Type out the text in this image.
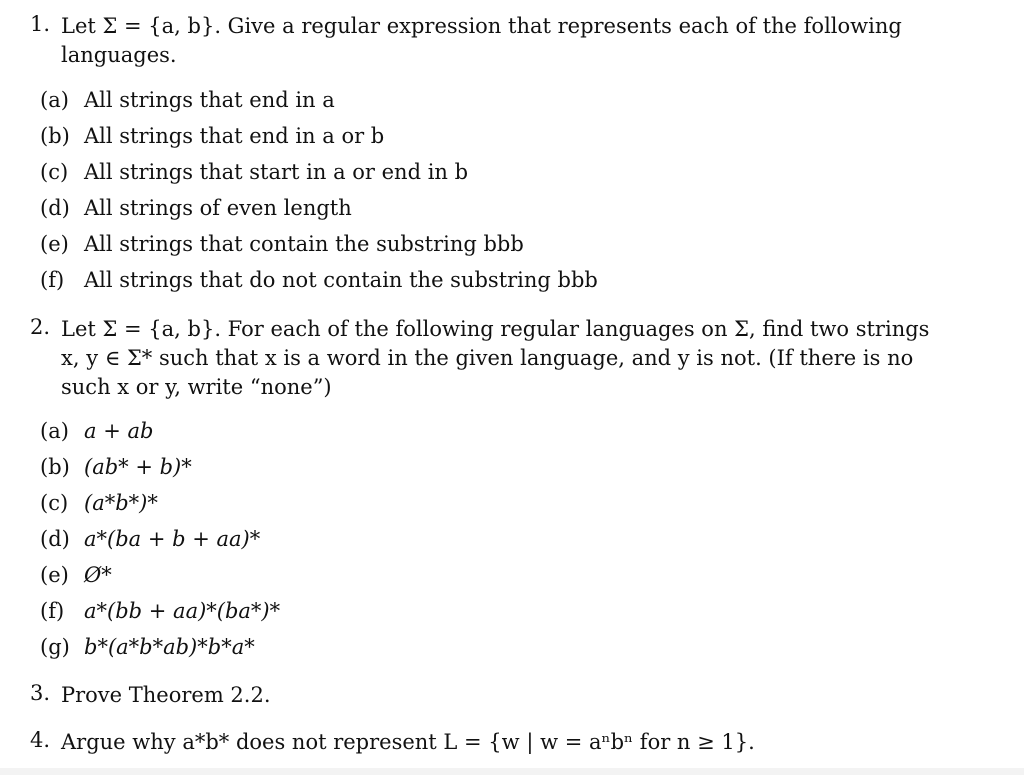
1. Let Σ = {a, b}. Give a regular expression that represents each of the following
languages.
(a) All strings that end in a
(b) All strings that end in a or b
(c) All strings that start in a or end in b
(d) All strings of even length
(e) All strings that contain the substring bbb
(f) All strings that do not contain the substring bbb
2. Let Σ = {a, b}. For each of the following regular languages on Σ, find two strings
x, y ∈ Σ* such that x is a word in the given language, and y is not. (If there is no
such x or y, write “none”)
(a) a + ab
(b) (ab* + b)*
(c) (a*b*)*
(d) a*(ba + b + aa)*
(e) Ø*
(f) a*(bb + aa)*(ba*)*
(g) b*(a*b*ab)*b*a*
3. Prove Theorem 2.2.
4. Argue why a*b* does not represent L = {w | w = aⁿbⁿ for n ≥ 1}.
